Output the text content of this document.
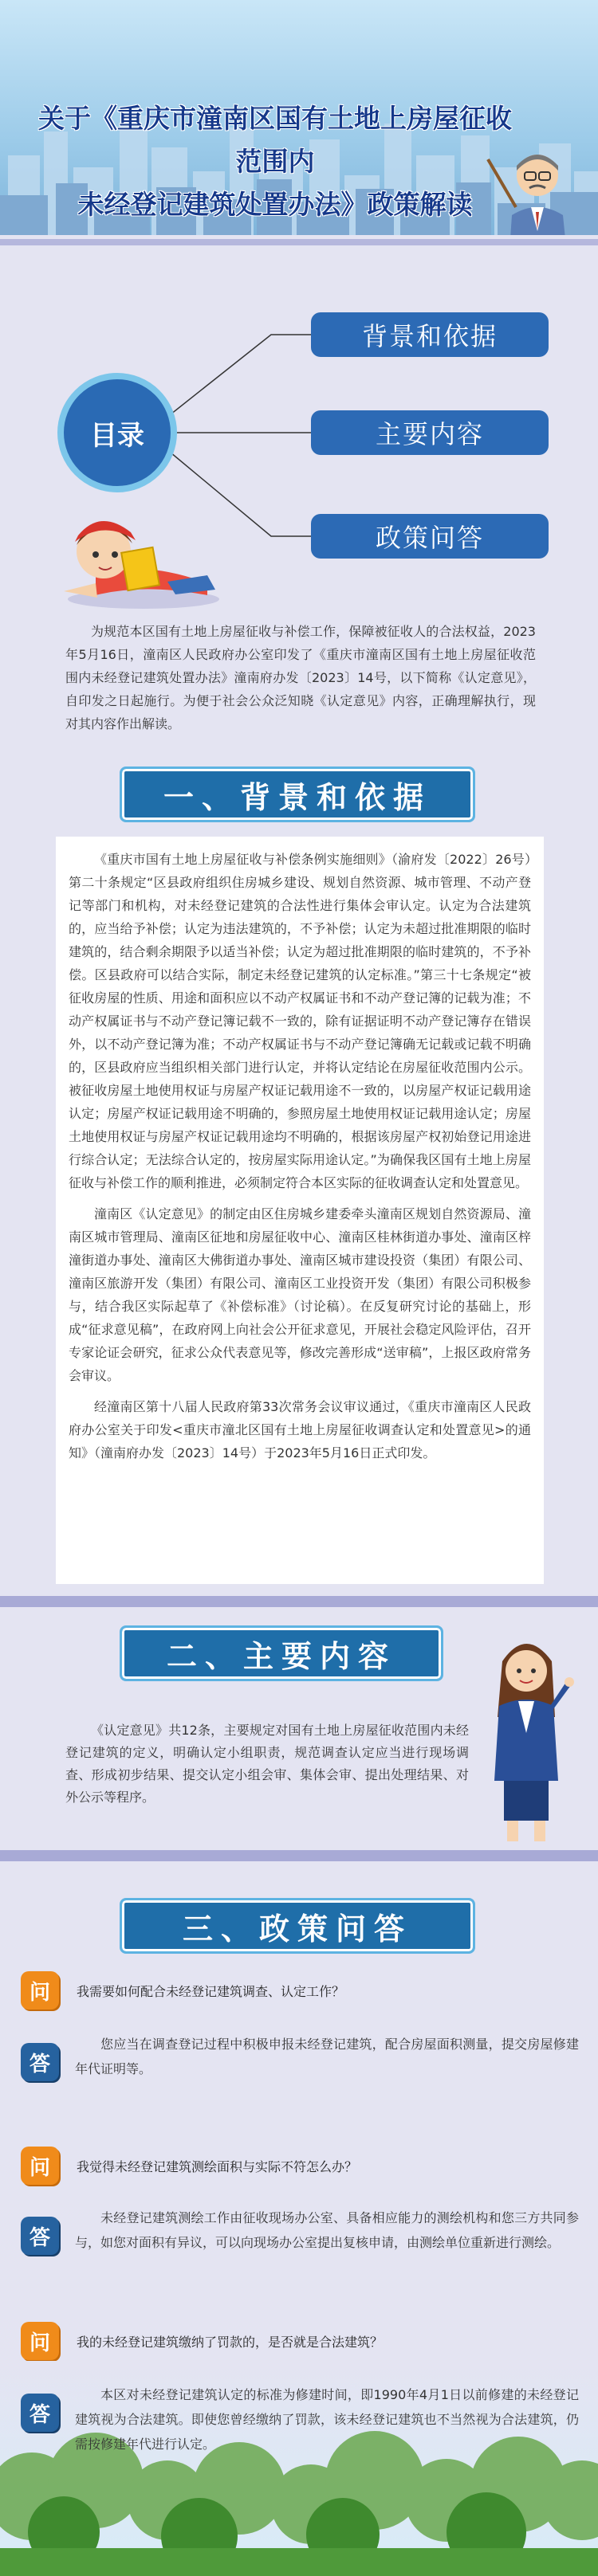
关于《重庆市潼南区国有土地上房屋征收范围内
未经登记建筑处置办法》政策解读
目录
背景和依据
主要内容
政策问答
为规范本区国有土地上房屋征收与补偿工作，保障被征收人的合法权益，2023年5月16日，潼南区人民政府办公室印发了《重庆市潼南区国有土地上房屋征收范围内未经登记建筑处置办法》潼南府办发〔2023〕14号，以下简称《认定意见》，自印发之日起施行。为便于社会公众泛知晓《认定意见》内容，正确理解执行，现对其内容作出解读。
一、背景和依据

《重庆市国有土地上房屋征收与补偿条例实施细则》（渝府发〔2022〕26号）第二十条规定“区县政府组织住房城乡建设、规划自然资源、城市管理、不动产登记等部门和机构，对未经登记建筑的合法性进行集体会审认定。认定为合法建筑的，应当给予补偿；认定为违法建筑的，不予补偿；认定为未超过批准期限的临时建筑的，结合剩余期限予以适当补偿；认定为超过批准期限的临时建筑的，不予补偿。区县政府可以结合实际，制定未经登记建筑的认定标准。”第三十七条规定“被征收房屋的性质、用途和面积应以不动产权属证书和不动产登记簿的记载为准；不动产权属证书与不动产登记簿记载不一致的，除有证据证明不动产登记簿存在错误外，以不动产登记簿为准；不动产权属证书与不动产登记簿确无记载或记载不明确的，区县政府应当组织相关部门进行认定，并将认定结论在房屋征收范围内公示。被征收房屋土地使用权证与房屋产权证记载用途不一致的，以房屋产权证记载用途认定；房屋产权证记载用途不明确的，参照房屋土地使用权证记载用途认定；房屋土地使用权证与房屋产权证记载用途均不明确的，根据该房屋产权初始登记用途进行综合认定；无法综合认定的，按房屋实际用途认定。”为确保我区国有土地上房屋征收与补偿工作的顺利推进，必须制定符合本区实际的征收调查认定和处置意见。

潼南区《认定意见》的制定由区住房城乡建委牵头潼南区规划自然资源局、潼南区城市管理局、潼南区征地和房屋征收中心、潼南区桂林街道办事处、潼南区梓潼街道办事处、潼南区大佛街道办事处、潼南区城市建设投资（集团）有限公司、潼南区旅游开发（集团）有限公司、潼南区工业投资开发（集团）有限公司积极参与，结合我区实际起草了《补偿标准》（讨论稿）。在反复研究讨论的基础上，形成“征求意见稿”，在政府网上向社会公开征求意见，开展社会稳定风险评估，召开专家论证会研究，征求公众代表意见等，修改完善形成“送审稿”，上报区政府常务会审议。

经潼南区第十八届人民政府第33次常务会议审议通过，《重庆市潼南区人民政府办公室关于印发<重庆市潼北区国有土地上房屋征收调查认定和处置意见>的通知》（潼南府办发〔2023〕14号）于2023年5月16日正式印发。

二、主要内容
《认定意见》共12条，主要规定对国有土地上房屋征收范围内未经登记建筑的定义，明确认定小组职责，规范调查认定应当进行现场调查、形成初步结果、提交认定小组会审、集体会审、提出处理结果、对外公示等程序。
三、政策问答
问	我需要如何配合未经登记建筑调查、认定工作？
答
您应当在调查登记过程中积极申报未经登记建筑，配合房屋面积测量，提交房屋修建年代证明等。
问	我觉得未经登记建筑测绘面积与实际不符怎么办？
答
未经登记建筑测绘工作由征收现场办公室、具备相应能力的测绘机构和您三方共同参与，如您对面积有异议，可以向现场办公室提出复核申请，由测绘单位重新进行测绘。
问	我的未经登记建筑缴纳了罚款的，是否就是合法建筑？
答
本区对未经登记建筑认定的标准为修建时间，即1990年4月1日以前修建的未经登记建筑视为合法建筑。即使您曾经缴纳了罚款，该未经登记建筑也不当然视为合法建筑，仍需按修建年代进行认定。
